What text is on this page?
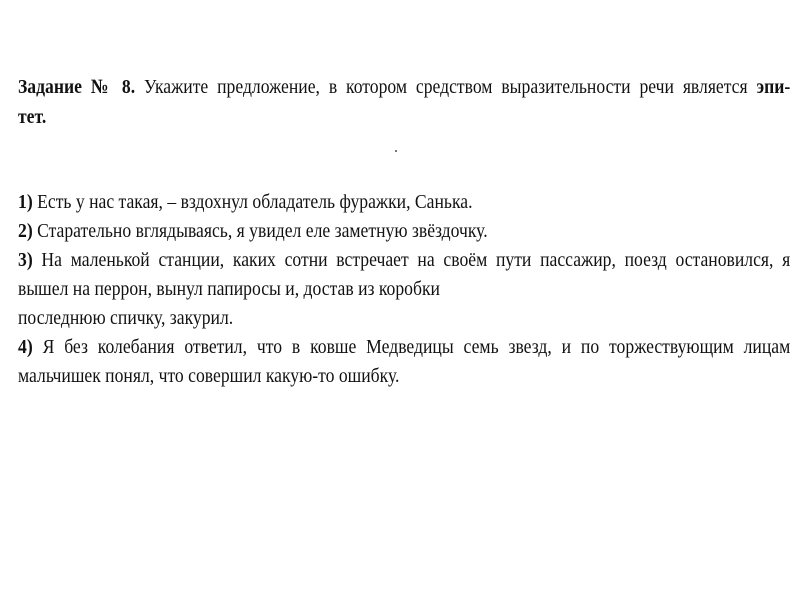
Задание № 8. Укажите предложение, в котором средством выразительности речи является эпи-
тет.
1) Есть у нас такая, – вздохнул обладатель фуражки, Санька.
2) Старательно вглядываясь, я увидел еле заметную звёздочку.
3) На маленькой станции, каких сотни встречает на своём пути пассажир, поезд остановился, я
вышел на перрон, вынул папиросы и, достав из коробки
последнюю спичку, закурил.
4) Я без колебания ответил, что в ковше Медведицы семь звезд, и по торжествующим лицам
мальчишек понял, что совершил какую-то ошибку.
